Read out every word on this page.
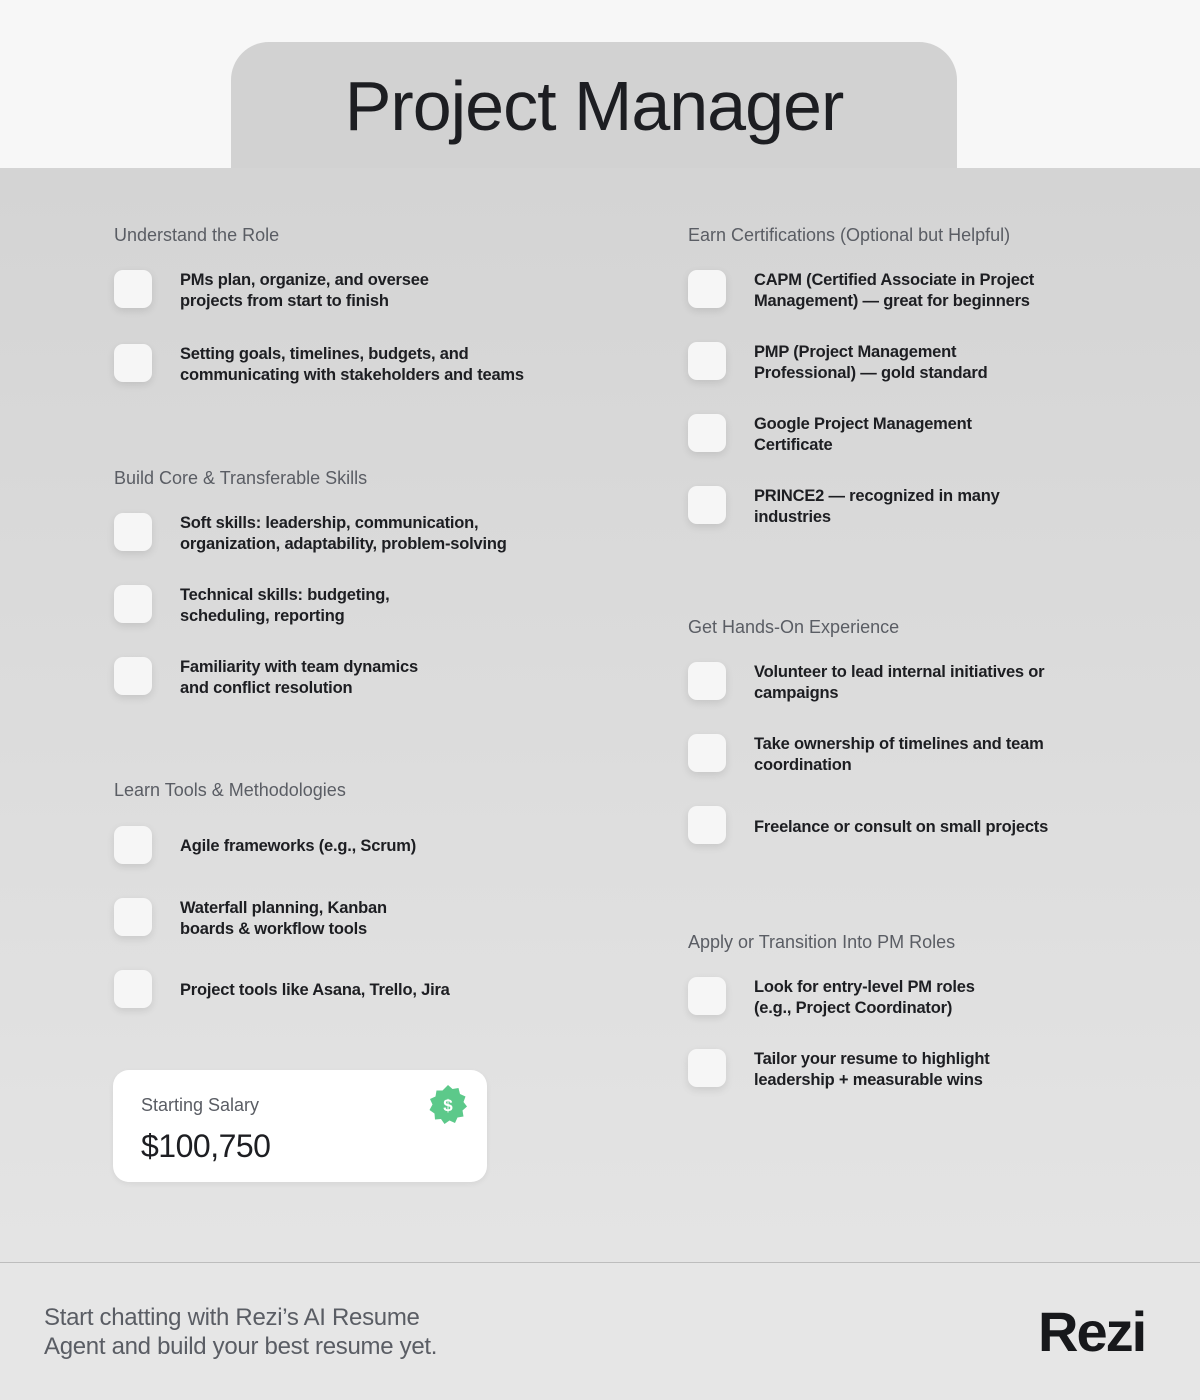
Project Manager
Understand the Role
PMs plan, organize, and oversee
projects from start to finish
Setting goals, timelines, budgets, and
communicating with stakeholders and teams
Build Core & Transferable Skills
Soft skills: leadership, communication,
organization, adaptability, problem-solving
Technical skills: budgeting,
scheduling, reporting
Familiarity with team dynamics
and conflict resolution
Learn Tools & Methodologies
Agile frameworks (e.g., Scrum)
Waterfall planning, Kanban
boards & workflow tools
Project tools like Asana, Trello, Jira
Starting Salary
$100,750
$
Earn Certifications (Optional but Helpful)
CAPM (Certified Associate in Project
Management) — great for beginners
PMP (Project Management
Professional) — gold standard
Google Project Management
Certificate
PRINCE2 — recognized in many
industries
Get Hands-On Experience
Volunteer to lead internal initiatives or
campaigns
Take ownership of timelines and team
coordination
Freelance or consult on small projects
Apply or Transition Into PM Roles
Look for entry-level PM roles
(e.g., Project Coordinator)
Tailor your resume to highlight
leadership + measurable wins
Start chatting with Rezi’s AI Resume
Agent and build your best resume yet.	Rezi
